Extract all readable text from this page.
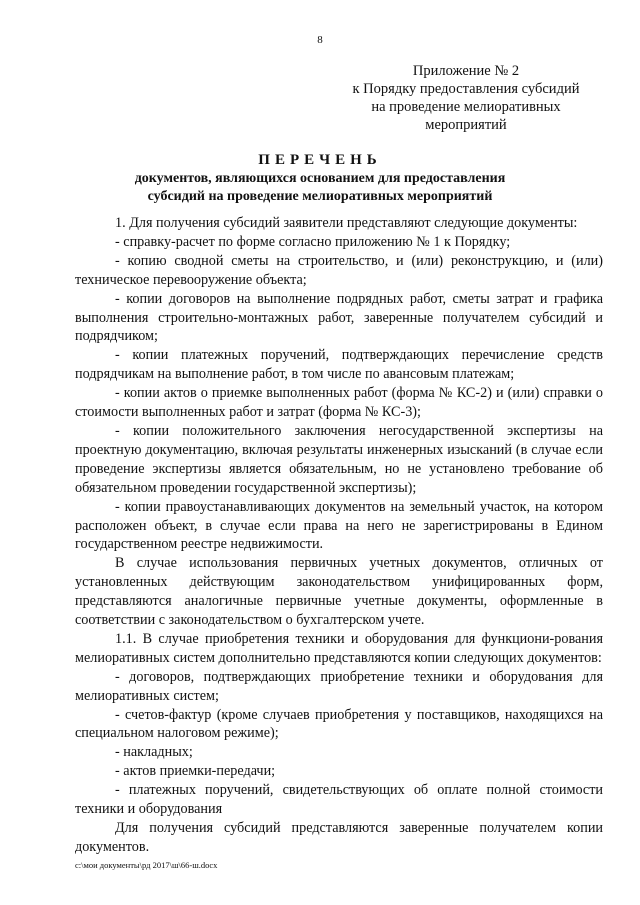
8
Приложение № 2
к Порядку предоставления субсидий
на проведение мелиоративных
мероприятий
ПЕРЕЧЕНЬ
документов, являющихся основанием для предоставления
субсидий на проведение мелиоративных мероприятий

1. Для получения субсидий заявители представляют следующие документы:

- справку-расчет по форме согласно приложению № 1 к Порядку;

- копию сводной сметы на строительство, и (или) реконструкцию, и (или) техническое перевооружение объекта;

- копии договоров на выполнение подрядных работ, сметы затрат и графика выполнения строительно-монтажных работ, заверенные получателем субсидий и подрядчиком;

- копии платежных поручений, подтверждающих перечисление средств подрядчикам на выполнение работ, в том числе по авансовым платежам;

- копии актов о приемке выполненных работ (форма № КС-2) и (или) справки о стоимости выполненных работ и затрат (форма № КС-3);

- копии положительного заключения негосударственной экспертизы на проектную документацию, включая результаты инженерных изысканий (в случае если проведение экспертизы является обязательным, но не установлено требование об обязательном проведении государственной экспертизы);

- копии правоустанавливающих документов на земельный участок, на котором расположен объект, в случае если права на него не зарегистрированы в Едином государственном реестре недвижимости.

В случае использования первичных учетных документов, отличных от установленных действующим законодательством унифицированных форм, представляются аналогичные первичные учетные документы, оформленные в соответствии с законодательством о бухгалтерском учете.

1.1. В случае приобретения техники и оборудования для функциони-рования мелиоративных систем дополнительно представляются копии следующих документов:

- договоров, подтверждающих приобретение техники и оборудования для мелиоративных систем;

- счетов-фактур (кроме случаев приобретения у поставщиков, находящихся на специальном налоговом режиме);

- накладных;

- актов приемки-передачи;

- платежных поручений, свидетельствующих об оплате полной стоимости техники и оборудования

Для получения субсидий представляются заверенные получателем копии документов.

c:\мои документы\рд 2017\ш\66-ш.docx
